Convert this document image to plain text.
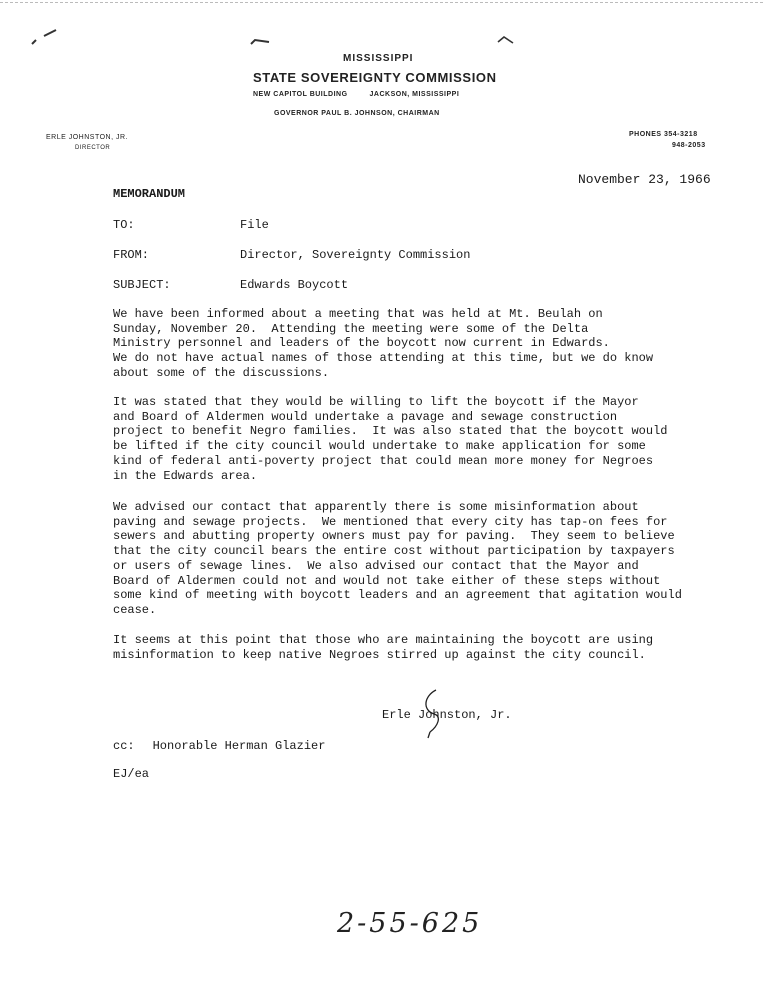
MISSISSIPPI
STATE SOVEREIGNTY COMMISSION
NEW CAPITOL BUILDING	JACKSON, MISSISSIPPI
GOVERNOR PAUL B. JOHNSON, CHAIRMAN
ERLE JOHNSTON, JR.
DIRECTOR
PHONES 354-3218
948-2053
November 23, 1966
MEMORANDUM
TO:	File
FROM:	Director, Sovereignty Commission
SUBJECT:	Edwards Boycott

We have been informed about a meeting that was held at Mt. Beulah on
Sunday, November 20.  Attending the meeting were some of the Delta
Ministry personnel and leaders of the boycott now current in Edwards.
We do not have actual names of those attending at this time, but we do know
about some of the discussions.

It was stated that they would be willing to lift the boycott if the Mayor
and Board of Aldermen would undertake a pavage and sewage construction
project to benefit Negro families.  It was also stated that the boycott would
be lifted if the city council would undertake to make application for some
kind of federal anti-poverty project that could mean more money for Negroes
in the Edwards area.

We advised our contact that apparently there is some misinformation about
paving and sewage projects.  We mentioned that every city has tap-on fees for
sewers and abutting property owners must pay for paving.  They seem to believe
that the city council bears the entire cost without participation by taxpayers
or users of sewage lines.  We also advised our contact that the Mayor and
Board of Aldermen could not and would not take either of these steps without
some kind of meeting with boycott leaders and an agreement that agitation would
cease.

It seems at this point that those who are maintaining the boycott are using
misinformation to keep native Negroes stirred up against the city council.

Erle Johnston, Jr.
cc: Honorable Herman Glazier
EJ/ea
2-55-625
